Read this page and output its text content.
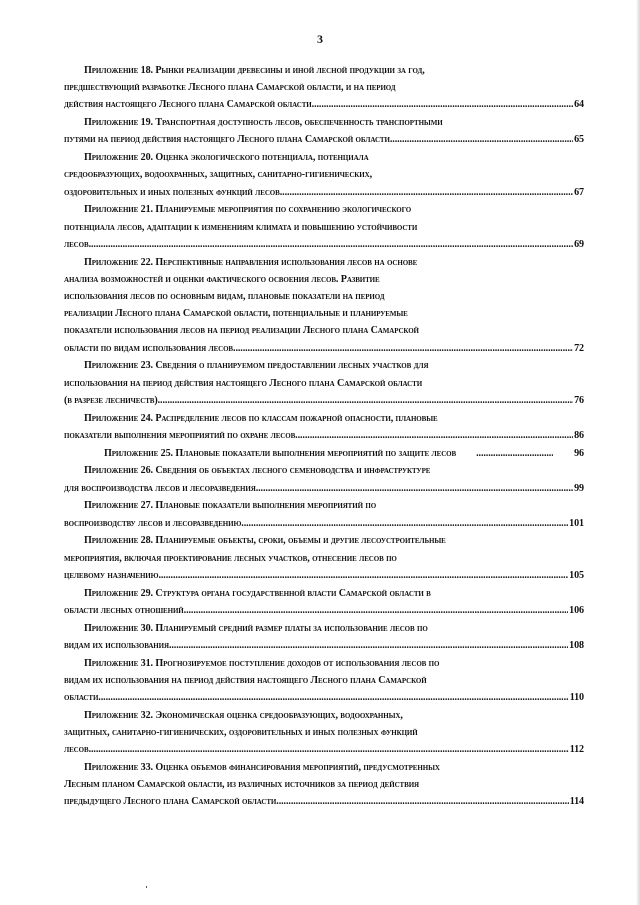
3
Приложение 18. Рынки реализации древесины и иной лесной продукции за год,
предшествующий разработке Лесного плана Самарской области, и на период
действия настоящего Лесного плана Самарской области .....	64
Приложение 19. Транспортная доступность лесов, обеспеченность транспортными
путями на период действия настоящего Лесного плана Самарской области .....	65
Приложение 20. Оценка экологического потенциала, потенциала
средообразующих, водоохранных, защитных, санитарно-гигиенических,
оздоровительных и иных полезных функций лесов .....	67
Приложение 21. Планируемые мероприятия по сохранению экологического
потенциала лесов, адаптации к изменениям климата и повышению устойчивости
лесов .....	69
Приложение 22. Перспективные направления использования лесов на основе
анализа возможностей и оценки фактического освоения лесов. Развитие
использования лесов по основным видам, плановые показатели на период
реализации Лесного плана Самарской области, потенциальные и планируемые
показатели использования лесов на период реализации Лесного плана Самарской
области по видам использования лесов .....	72
Приложение 23. Сведения о планируемом предоставлении лесных участков для
использования на период действия настоящего Лесного плана Самарской области
(в разрезе лесничеств) .....	76
Приложение 24. Распределение лесов по классам пожарной опасности, плановые
показатели выполнения мероприятий по охране лесов .....	86
Приложение 25. Плановые показатели выполнения мероприятий по защите лесов .....	96
Приложение 26. Сведения об объектах лесного семеноводства и инфраструктуре
для воспроизводства лесов и лесоразведения .....	99
Приложение 27. Плановые показатели выполнения мероприятий по
воспроизводству лесов и лесоразведению .....	101
Приложение 28. Планируемые объекты, сроки, объемы и другие лесоустроительные
мероприятия, включая проектирование лесных участков, отнесение лесов по
целевому назначению .....	105
Приложение 29. Структура органа государственной власти Самарской области в
области лесных отношений .....	106
Приложение 30. Планируемый средний размер платы за использование лесов по
видам их использования .....	108
Приложение 31. Прогнозируемое поступление доходов от использования лесов по
видам их использования на период действия настоящего Лесного плана Самарской
области .....	110
Приложение 32. Экономическая оценка средообразующих, водоохранных,
защитных, санитарно-гигиенических, оздоровительных и иных полезных функций
лесов .....	112
Приложение 33. Оценка объемов финансирования мероприятий, предусмотренных
Лесным планом Самарской области, из различных источников за период действия
предыдущего Лесного плана Самарской области .....	114
